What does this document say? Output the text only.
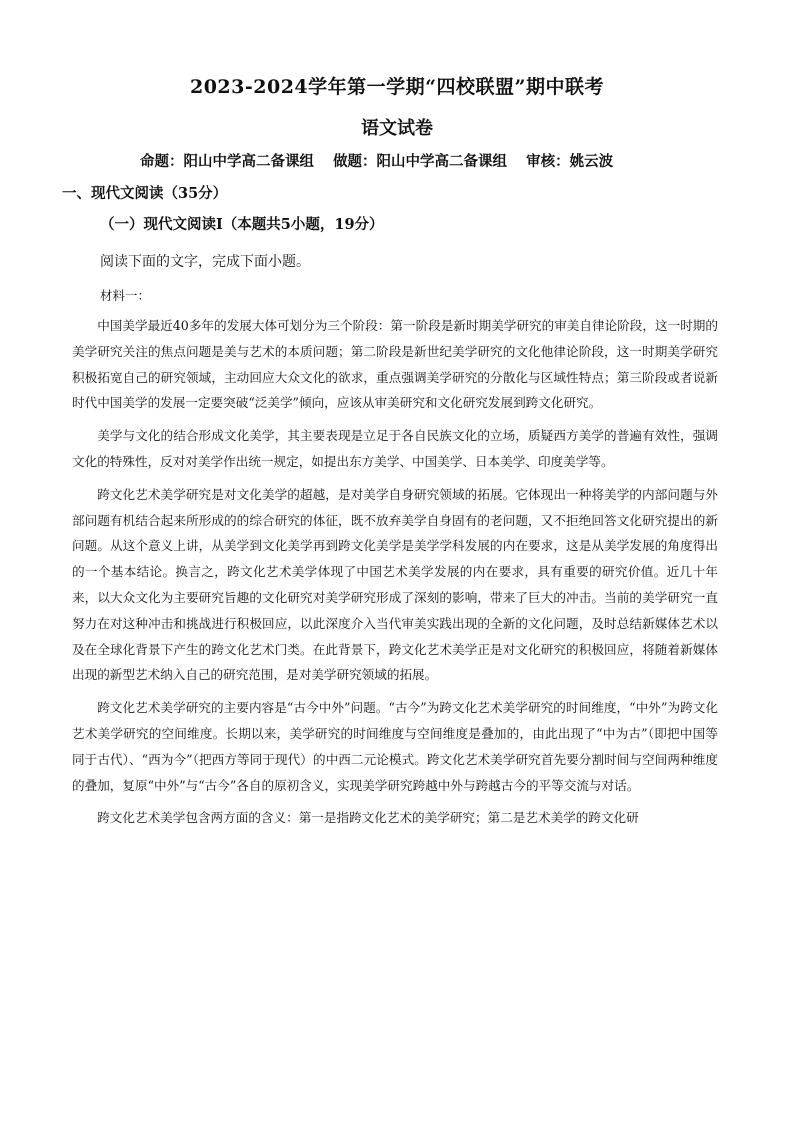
2023-2024学年第一学期“四校联盟”期中联考
语文试卷
命题：阳山中学高二备课组 做题：阳山中学高二备课组 审核：姚云波
一、现代文阅读（35分）
（一）现代文阅读Ⅰ（本题共5小题，19分）
阅读下面的文字，完成下面小题。
材料一：

中国美学最近40多年的发展大体可划分为三个阶段：第一阶段是新时期美学研究的审美自律论阶段，这一时期的美学研究关注的焦点问题是美与艺术的本质问题；第二阶段是新世纪美学研究的文化他律论阶段，这一时期美学研究积极拓宽自己的研究领域，主动回应大众文化的欲求，重点强调美学研究的分散化与区域性特点；第三阶段或者说新时代中国美学的发展一定要突破“泛美学”倾向，应该从审美研究和文化研究发展到跨文化研究。

美学与文化的结合形成文化美学，其主要表现是立足于各自民族文化的立场，质疑西方美学的普遍有效性，强调文化的特殊性，反对对美学作出统一规定，如提出东方美学、中国美学、日本美学、印度美学等。

跨文化艺术美学研究是对文化美学的超越，是对美学自身研究领域的拓展。它体现出一种将美学的内部问题与外部问题有机结合起来所形成的的综合研究的体征，既不放弃美学自身固有的老问题，又不拒绝回答文化研究提出的新问题。从这个意义上讲，从美学到文化美学再到跨文化美学是美学学科发展的内在要求，这是从美学发展的角度得出的一个基本结论。换言之，跨文化艺术美学体现了中国艺术美学发展的内在要求，具有重要的研究价值。近几十年来，以大众文化为主要研究旨趣的文化研究对美学研究形成了深刻的影响，带来了巨大的冲击。当前的美学研究一直努力在对这种冲击和挑战进行积极回应，以此深度介入当代审美实践出现的全新的文化问题，及时总结新媒体艺术以及在全球化背景下产生的跨文化艺术门类。在此背景下，跨文化艺术美学正是对文化研究的积极回应，将随着新媒体出现的新型艺术纳入自己的研究范围，是对美学研究领域的拓展。

跨文化艺术美学研究的主要内容是“古今中外”问题。“古今”为跨文化艺术美学研究的时间维度，“中外”为跨文化艺术美学研究的空间维度。长期以来，美学研究的时间维度与空间维度是叠加的，由此出现了“中为古”（即把中国等同于古代）、“西为今”（把西方等同于现代）的中西二元论模式。跨文化艺术美学研究首先要分割时间与空间两种维度的叠加，复原“中外”与“古今”各自的原初含义，实现美学研究跨越中外与跨越古今的平等交流与对话。

跨文化艺术美学包含两方面的含义：第一是指跨文化艺术的美学研究；第二是艺术美学的跨文化研
